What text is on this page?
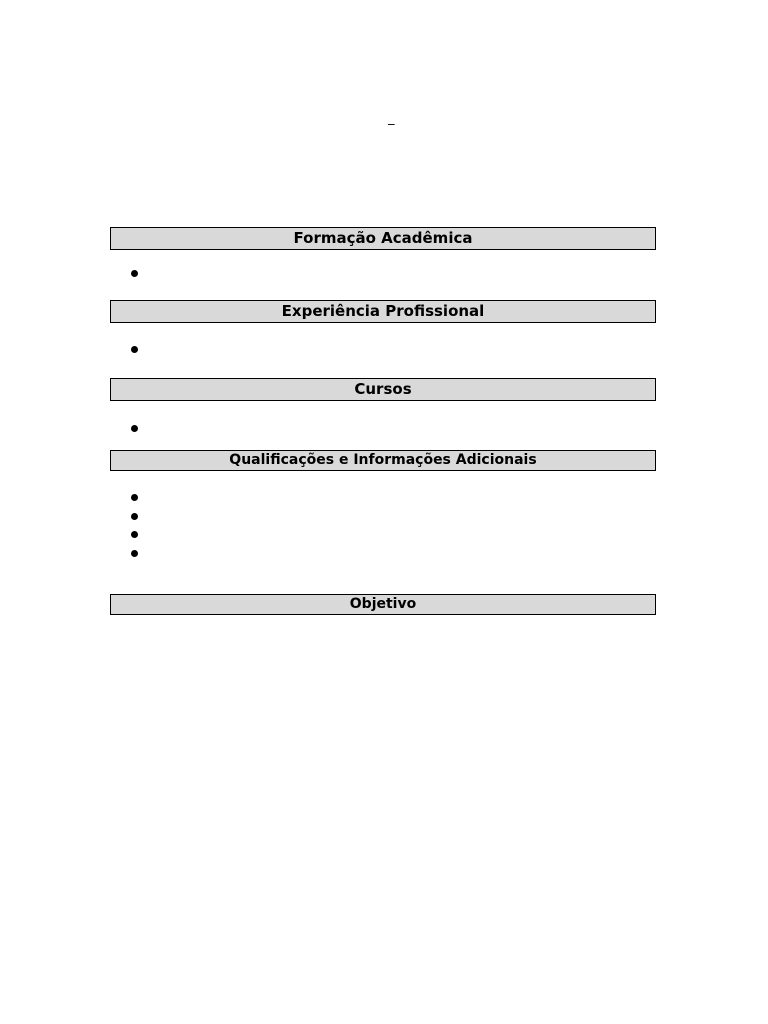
_
Formação Acadêmica
Experiência Profissional
Cursos
Qualificações e Informações Adicionais
Objetivo
